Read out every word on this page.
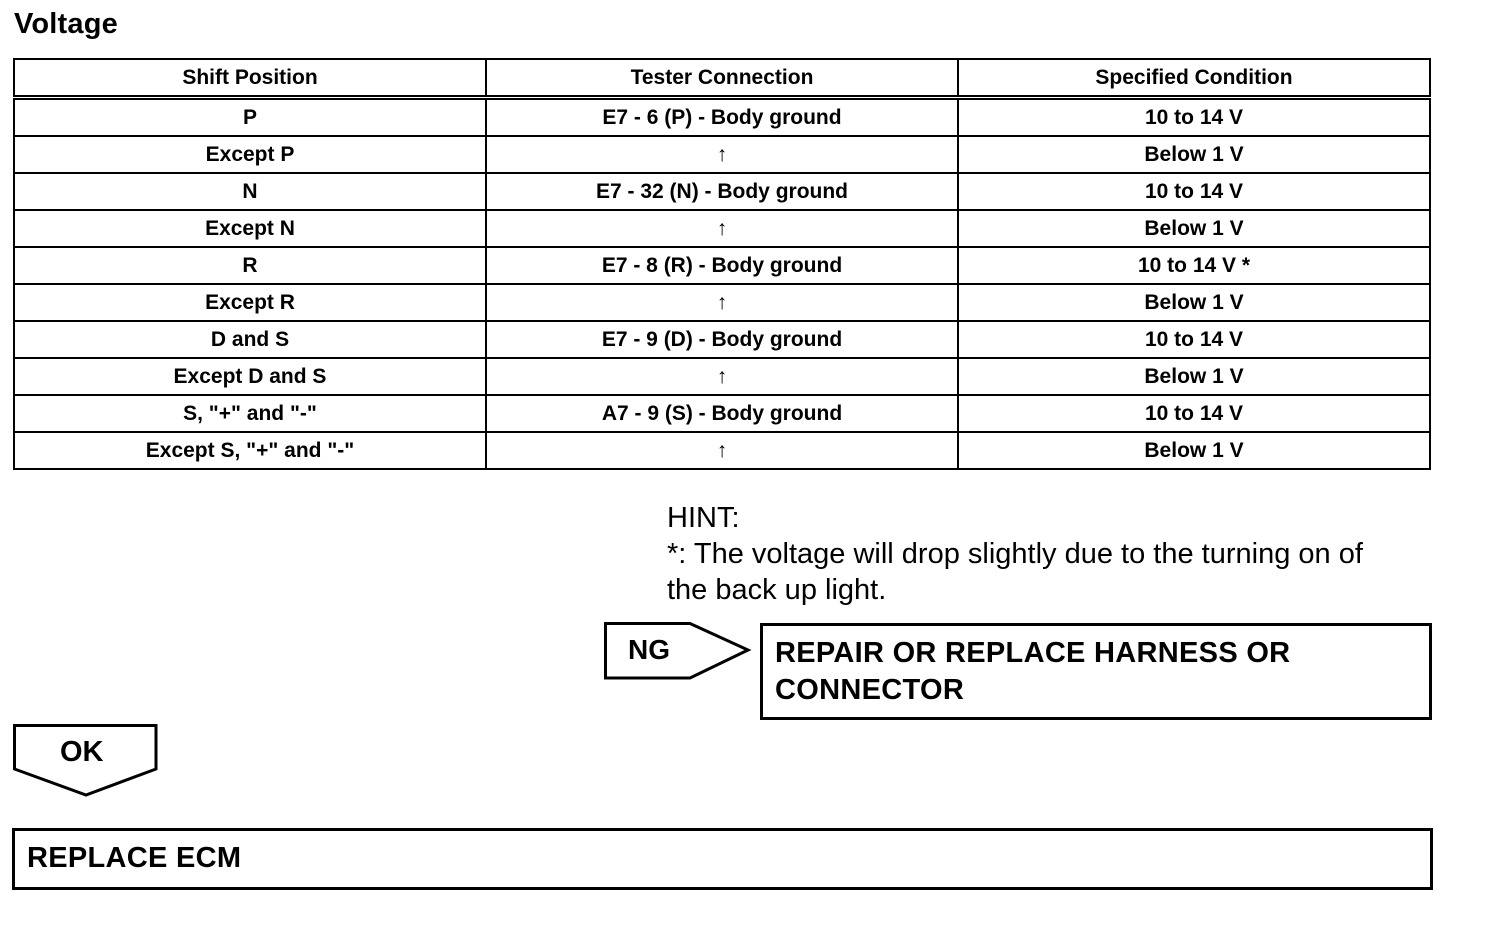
Voltage
Shift Position	Tester Connection	Specified Condition
P	E7 - 6 (P) - Body ground	10 to 14 V
Except P	↑	Below 1 V
N	E7 - 32 (N) - Body ground	10 to 14 V
Except N	↑	Below 1 V
R	E7 - 8 (R) - Body ground	10 to 14 V *
Except R	↑	Below 1 V
D and S	E7 - 9 (D) - Body ground	10 to 14 V
Except D and S	↑	Below 1 V
S, "+" and "-"	A7 - 9 (S) - Body ground	10 to 14 V
Except S, "+" and "-"	↑	Below 1 V
HINT:
*: The voltage will drop slightly due to the turning on of
the back up light.
NG	REPAIR OR REPLACE HARNESS OR
CONNECTOR
OK
REPLACE ECM
